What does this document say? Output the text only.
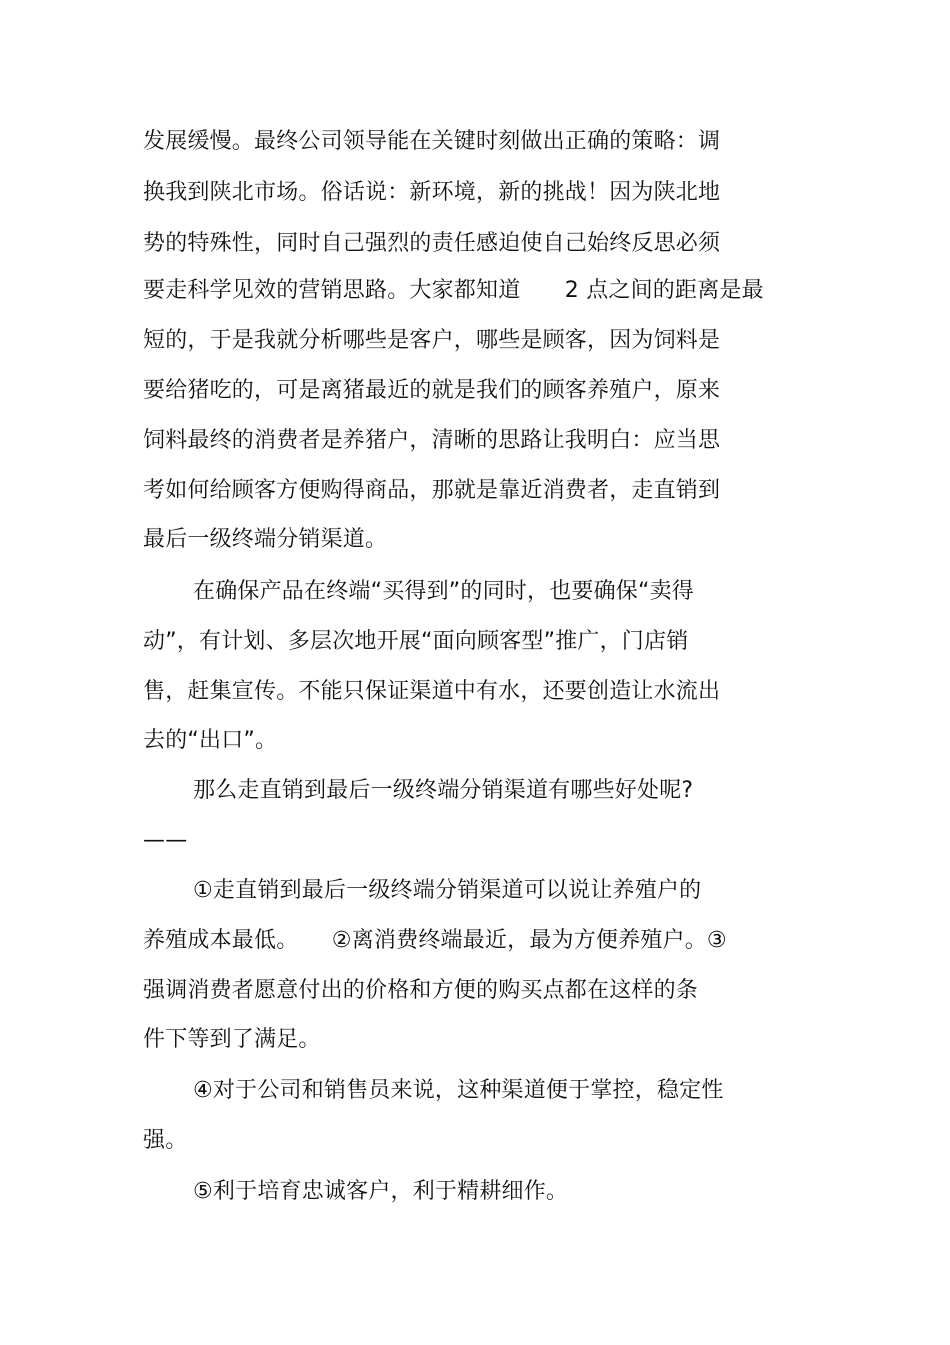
发展缓慢。最终公司领导能在关键时刻做出正确的策略：调
换我到陕北市场。俗话说：新环境，新的挑战！因为陕北地
势的特殊性，同时自己强烈的责任感迫使自己始终反思必须
要走科学见效的营销思路。大家都知道　　2 点之间的距离是最
短的，于是我就分析哪些是客户，哪些是顾客，因为饲料是
要给猪吃的，可是离猪最近的就是我们的顾客养殖户，原来
饲料最终的消费者是养猪户，清晰的思路让我明白：应当思
考如何给顾客方便购得商品，那就是靠近消费者，走直销到
最后一级终端分销渠道。
在确保产品在终端“买得到”的同时，也要确保“卖得
动”，有计划、多层次地开展“面向顾客型”推广，门店销
售，赶集宣传。不能只保证渠道中有水，还要创造让水流出
去的“出口”。
那么走直销到最后一级终端分销渠道有哪些好处呢?
——
①走直销到最后一级终端分销渠道可以说让养殖户的
养殖成本最低。　　②离消费终端最近，最为方便养殖户。③
强调消费者愿意付出的价格和方便的购买点都在这样的条
件下等到了满足。
④对于公司和销售员来说，这种渠道便于掌控，稳定性
强。
⑤利于培育忠诚客户，利于精耕细作。
